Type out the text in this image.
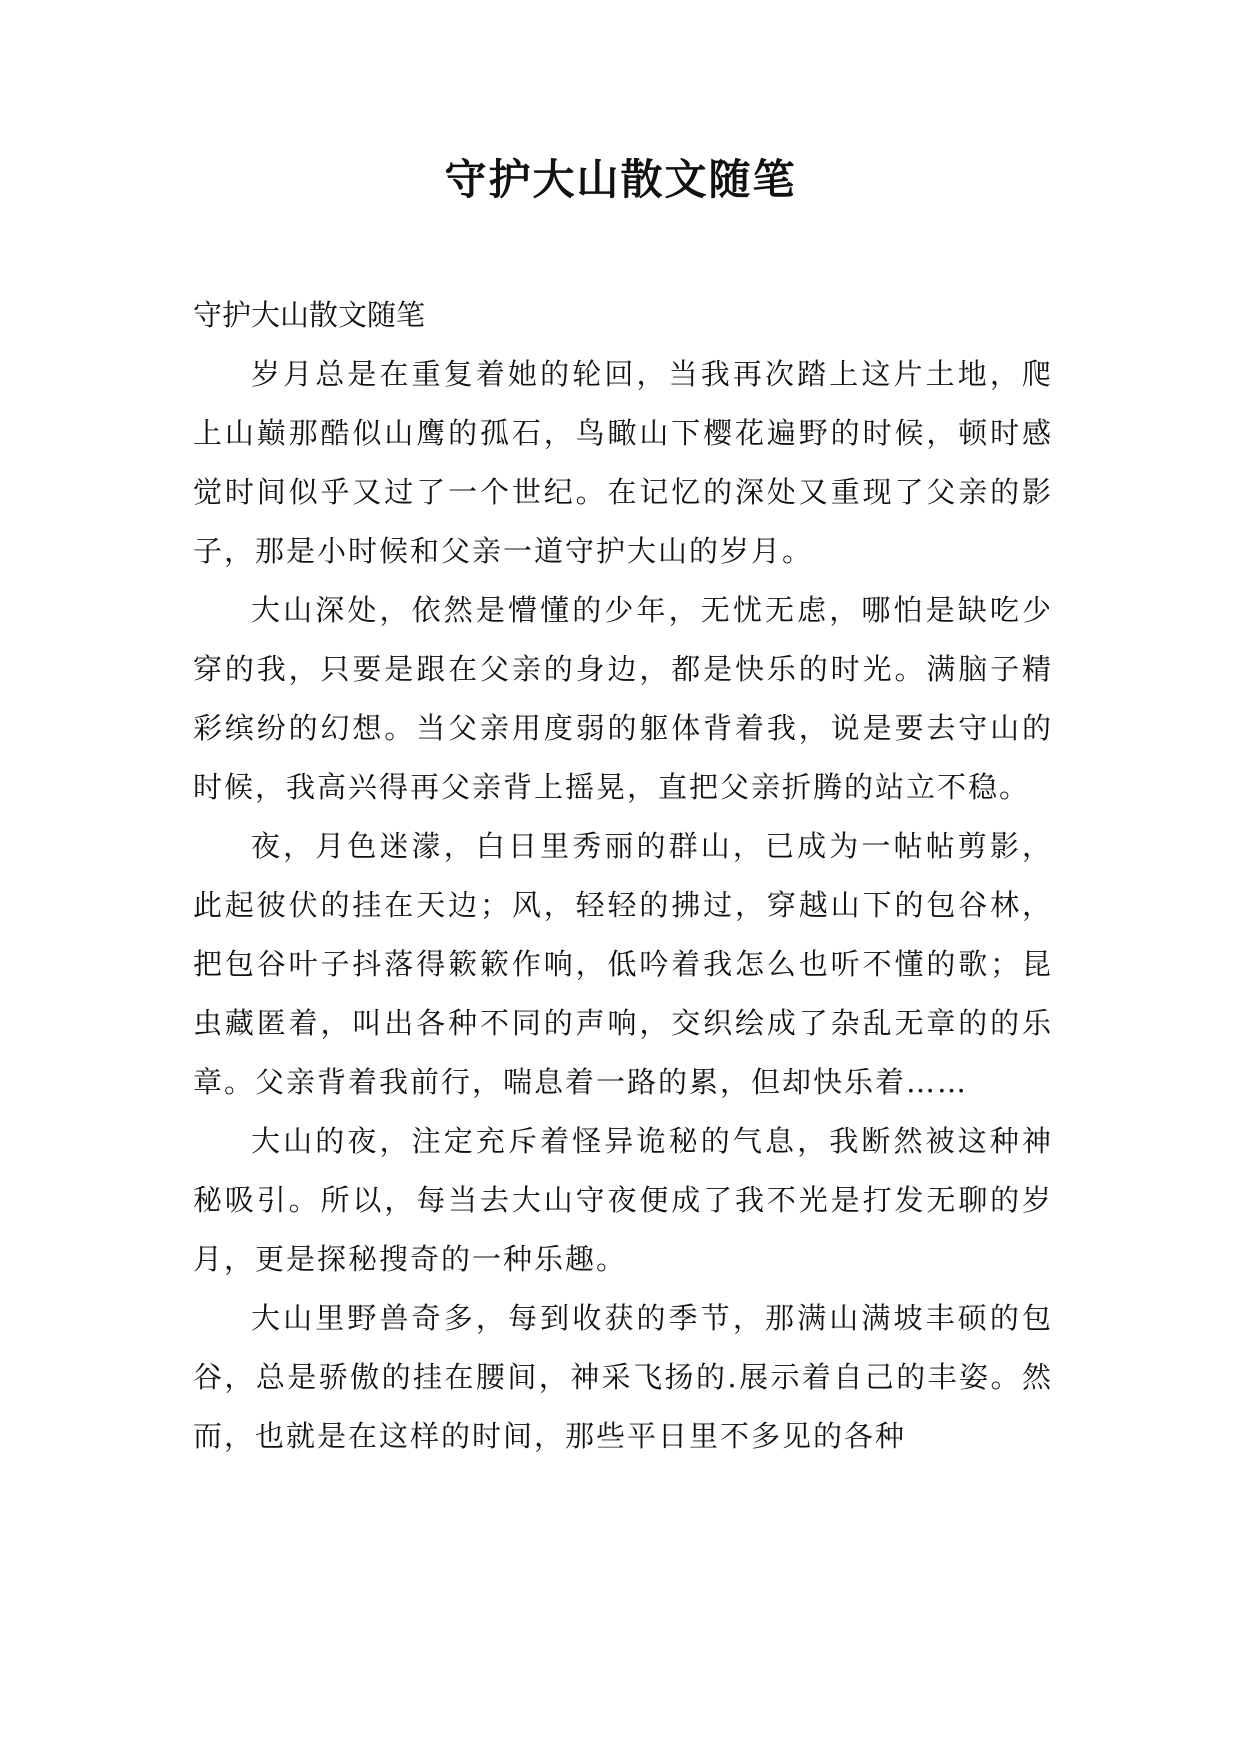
守护大山散文随笔

守护大山散文随笔

岁月总是在重复着她的轮回，当我再次踏上这片土地，爬上山巅那酷似山鹰的孤石，鸟瞰山下樱花遍野的时候，顿时感觉时间似乎又过了一个世纪。在记忆的深处又重现了父亲的影子，那是小时候和父亲一道守护大山的岁月。

大山深处，依然是懵懂的少年，无忧无虑，哪怕是缺吃少穿的我，只要是跟在父亲的身边，都是快乐的时光。满脑子精彩缤纷的幻想。当父亲用度弱的躯体背着我，说是要去守山的时候，我高兴得再父亲背上摇晃，直把父亲折腾的站立不稳。

夜，月色迷濛，白日里秀丽的群山，已成为一帖帖剪影，此起彼伏的挂在天边；风，轻轻的拂过，穿越山下的包谷林，把包谷叶子抖落得簌簌作响，低吟着我怎么也听不懂的歌；昆虫藏匿着，叫出各种不同的声响，交织绘成了杂乱无章的的乐章。父亲背着我前行，喘息着一路的累，但却快乐着……

大山的夜，注定充斥着怪异诡秘的气息，我断然被这种神秘吸引。所以，每当去大山守夜便成了我不光是打发无聊的岁月，更是探秘搜奇的一种乐趣。

大山里野兽奇多，每到收获的季节，那满山满坡丰硕的包谷，总是骄傲的挂在腰间，神采飞扬的.展示着自己的丰姿。然而，也就是在这样的时间，那些平日里不多见的各种
